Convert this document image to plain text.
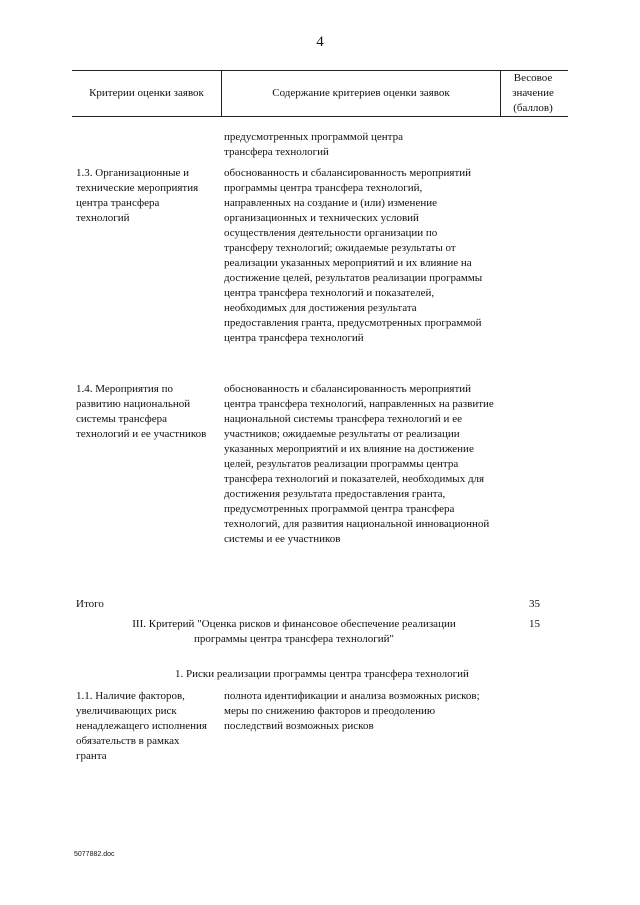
4
Критерии оценки заявок	Содержание критериев оценки заявок
Весовое значение (баллов)
предусмотренных программой центра трансфера технологий
1.3. Организационные и технические мероприятия центра трансфера технологий
обоснованность и сбалансированность мероприятий программы центра трансфера технологий, направленных на создание и (или) изменение организационных и технических условий осуществления деятельности организации по трансферу технологий; ожидаемые результаты от реализации указанных мероприятий и их влияние на достижение целей, результатов реализации программы центра трансфера технологий и показателей, необходимых для достижения результата предоставления гранта, предусмотренных программой центра трансфера технологий
1.4. Мероприятия по развитию национальной системы трансфера технологий и ее участников
обоснованность и сбалансированность мероприятий центра трансфера технологий, направленных на развитие национальной системы трансфера технологий и ее участников; ожидаемые результаты от реализации указанных мероприятий и их влияние на достижение целей, результатов реализации программы центра трансфера технологий и показателей, необходимых для достижения результата предоставления гранта, предусмотренных программой центра трансфера технологий, для развития национальной инновационной системы и ее участников
Итого	35
III. Критерий "Оценка рисков и финансовое обеспечение реализации программы центра трансфера технологий"
15
1. Риски реализации программы центра трансфера технологий
1.1. Наличие факторов, увеличивающих риск ненадлежащего исполнения обязательств в рамках гранта
полнота идентификации и анализа возможных рисков; меры по снижению факторов и преодолению последствий возможных рисков
5077882.doc
